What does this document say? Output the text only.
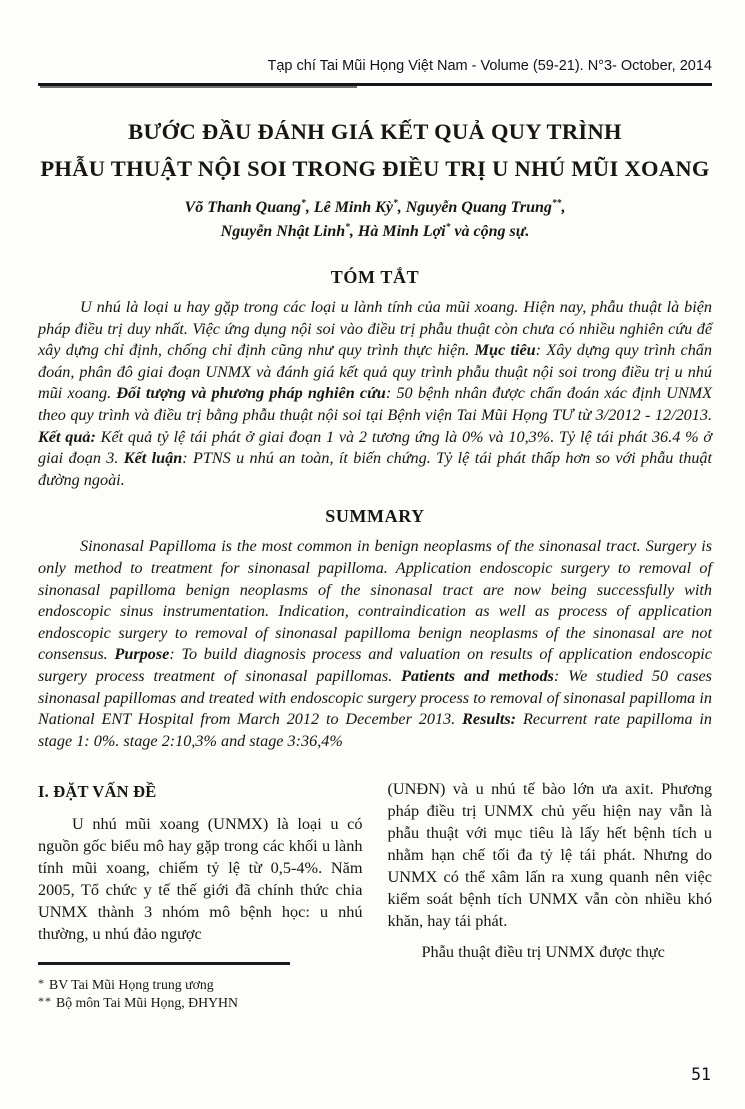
Tạp chí Tai Mũi Họng Việt Nam - Volume (59-21). N°3- October, 2014
BƯỚC ĐẦU ĐÁNH GIÁ KẾT QUẢ QUY TRÌNH
PHẪU THUẬT NỘI SOI TRONG ĐIỀU TRỊ U NHÚ MŨI XOANG
Võ Thanh Quang*, Lê Minh Kỳ*, Nguyễn Quang Trung**,
Nguyễn Nhật Linh*, Hà Minh Lợi* và cộng sự.
TÓM TẮT

U nhú là loại u hay gặp trong các loại u lành tính của mũi xoang. Hiện nay, phẫu thuật là biện pháp điều trị duy nhất. Việc ứng dụng nội soi vào điều trị phẫu thuật còn chưa có nhiều nghiên cứu để xây dựng chỉ định, chống chỉ định cũng như quy trình thực hiện. Mục tiêu: Xây dựng quy trình chẩn đoán, phân đô giai đoạn UNMX và đánh giá kết quả quy trình phẫu thuật nội soi trong điều trị u nhú mũi xoang. Đối tượng và phương pháp nghiên cứu: 50 bệnh nhân được chẩn đoán xác định UNMX theo quy trình và điều trị bằng phẫu thuật nội soi tại Bệnh viện Tai Mũi Họng TƯ từ 3/2012 - 12/2013. Kết quả: Kết quả tỷ lệ tái phát ở giai đoạn 1 và 2 tương ứng là 0% và 10,3%. Tỷ lệ tái phát 36.4 % ở giai đoạn 3. Kết luận: PTNS u nhú an toàn, ít biến chứng. Tỷ lệ tái phát thấp hơn so với phẫu thuật đường ngoài.

SUMMARY

Sinonasal Papilloma is the most common in benign neoplasms of the sinonasal tract. Surgery is only method to treatment for sinonasal papilloma. Application endoscopic surgery to removal of sinonasal papilloma benign neoplasms of the sinonasal tract are now being successfully with endoscopic sinus instrumentation. Indication, contraindication as well as process of application endoscopic surgery to removal of sinonasal papilloma benign neoplasms of the sinonasal are not consensus. Purpose: To build diagnosis process and valuation on results of application endoscopic surgery process treatment of sinonasal papillomas. Patients and methods: We studied 50 cases sinonasal papillomas and treated with endoscopic surgery process to removal of sinonasal papilloma in National ENT Hospital from March 2012 to December 2013. Results: Recurrent rate papilloma in stage 1: 0%. stage 2:10,3% and stage 3:36,4%

I. ĐẶT VẤN ĐỀ

U nhú mũi xoang (UNMX) là loại u có nguồn gốc biểu mô hay gặp trong các khối u lành tính mũi xoang, chiếm tỷ lệ từ 0,5-4%. Năm 2005, Tổ chức y tế thế giới đã chính thức chia UNMX thành 3 nhóm mô bệnh học: u nhú thường, u nhú đảo ngược

* BV Tai Mũi Họng trung ương

** Bộ môn Tai Mũi Họng, ĐHYHN

(UNĐN) và u nhú tế bào lớn ưa axit. Phương pháp điều trị UNMX chủ yếu hiện nay vẫn là phẫu thuật với mục tiêu là lấy hết bệnh tích u nhằm hạn chế tối đa tỷ lệ tái phát. Nhưng do UNMX có thể xâm lấn ra xung quanh nên việc kiểm soát bệnh tích UNMX vẫn còn nhiều khó khăn, hay tái phát.

Phẫu thuật điều trị UNMX được thực

51
